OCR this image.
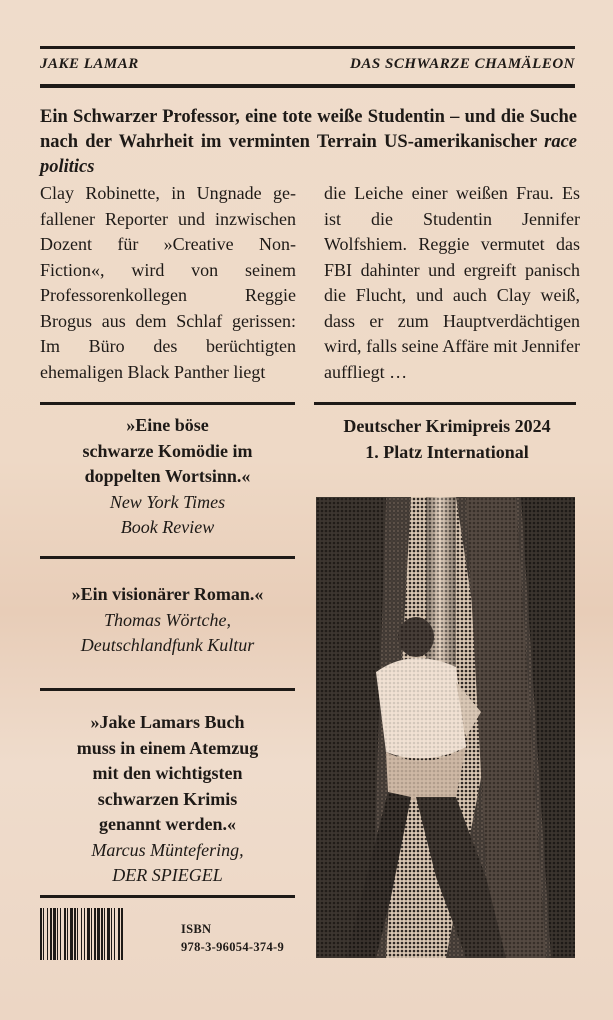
JAKE LAMAR	DAS SCHWARZE CHAMÄLEON

Ein Schwarzer Professor, eine tote weiße Studentin – und die Suche nach der Wahrheit im verminten Terrain US-amerikanischer race politics

Clay Robinette, in Ungnade gefallener Reporter und inzwischen Dozent für »Creative Non-Fiction«, wird von seinem Professorenkollegen Reggie Brogus aus dem Schlaf gerissen: Im Büro des berüchtigten ehemaligen Black Panther liegt

die Leiche einer weißen Frau. Es ist die Studentin Jennifer Wolfshiem. Reggie vermutet das FBI dahinter und ergreift panisch die Flucht, und auch Clay weiß, dass er zum Hauptverdächtigen wird, falls seine Affäre mit Jennifer auffliegt …

»Eine böse
schwarze Komödie im
doppelten Wortsinn.«
New York Times
Book Review
»Ein visionärer Roman.«
Thomas Wörtche,
Deutschlandfunk Kultur
»Jake Lamars Buch
muss in einem Atemzug
mit den wichtigsten
schwarzen Krimis
genannt werden.«
Marcus Müntefering,
DER SPIEGEL
Deutscher Krimipreis 2024
1. Platz International
ISBN
978-3-96054-374-9
